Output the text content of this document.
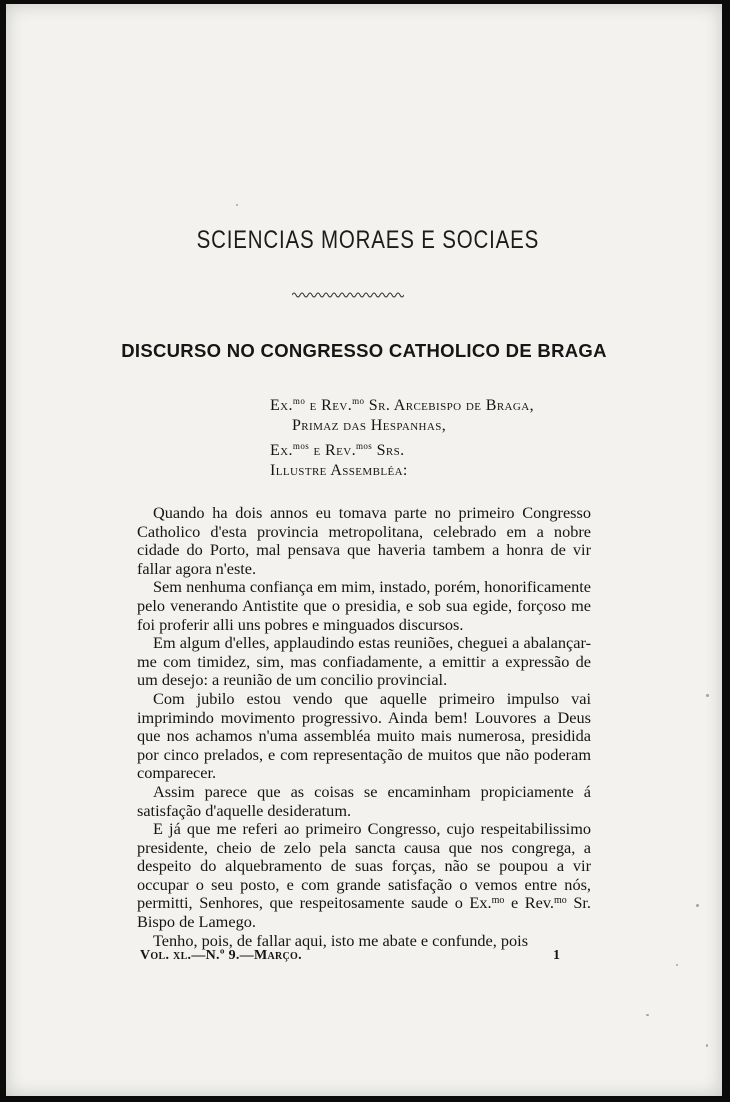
SCIENCIAS MORAES E SOCIAES
DISCURSO NO CONGRESSO CATHOLICO DE BRAGA
Ex.$^{mo}$ e Rev.$^{mo}$ Sr. Arcebispo de Braga,
Primaz das Hespanhas,
Ex.$^{mos}$ e Rev.$^{mos}$ Srs.
Illustre Assembléa:

Quando ha dois annos eu tomava parte no primeiro Congresso Catholico d'esta provincia metropolitana, celebrado em a nobre cidade do Porto, mal pensava que haveria tambem a honra de vir fallar agora n'este.

Sem nenhuma confiança em mim, instado, porém, honorificamente pelo venerando Antistite que o presidia, e sob sua egide, forçoso me foi proferir alli uns pobres e minguados discursos.

Em algum d'elles, applaudindo estas reuniões, cheguei a abalançar-me com timidez, sim, mas confiadamente, a emittir a expressão de um desejo: a reunião de um concilio provincial.

Com jubilo estou vendo que aquelle primeiro impulso vai imprimindo movimento progressivo. Ainda bem! Louvores a Deus que nos achamos n'uma assembléa muito mais numerosa, presidida por cinco prelados, e com representação de muitos que não poderam comparecer.

Assim parece que as coisas se encaminham propiciamente á satisfação d'aquelle desideratum.

E já que me referi ao primeiro Congresso, cujo respeitabilissimo presidente, cheio de zelo pela sancta causa que nos congrega, a despeito do alquebramento de suas forças, não se poupou a vir occupar o seu posto, e com grande satisfação o vemos entre nós, permitti, Senhores, que respeitosamente saude o Ex.$^{mo}$ e Rev.$^{mo}$ Sr. Bispo de Lamego.

Tenho, pois, de fallar aqui, isto me abate e confunde, pois

Vol. xl.—N.º 9.—Março.	1
